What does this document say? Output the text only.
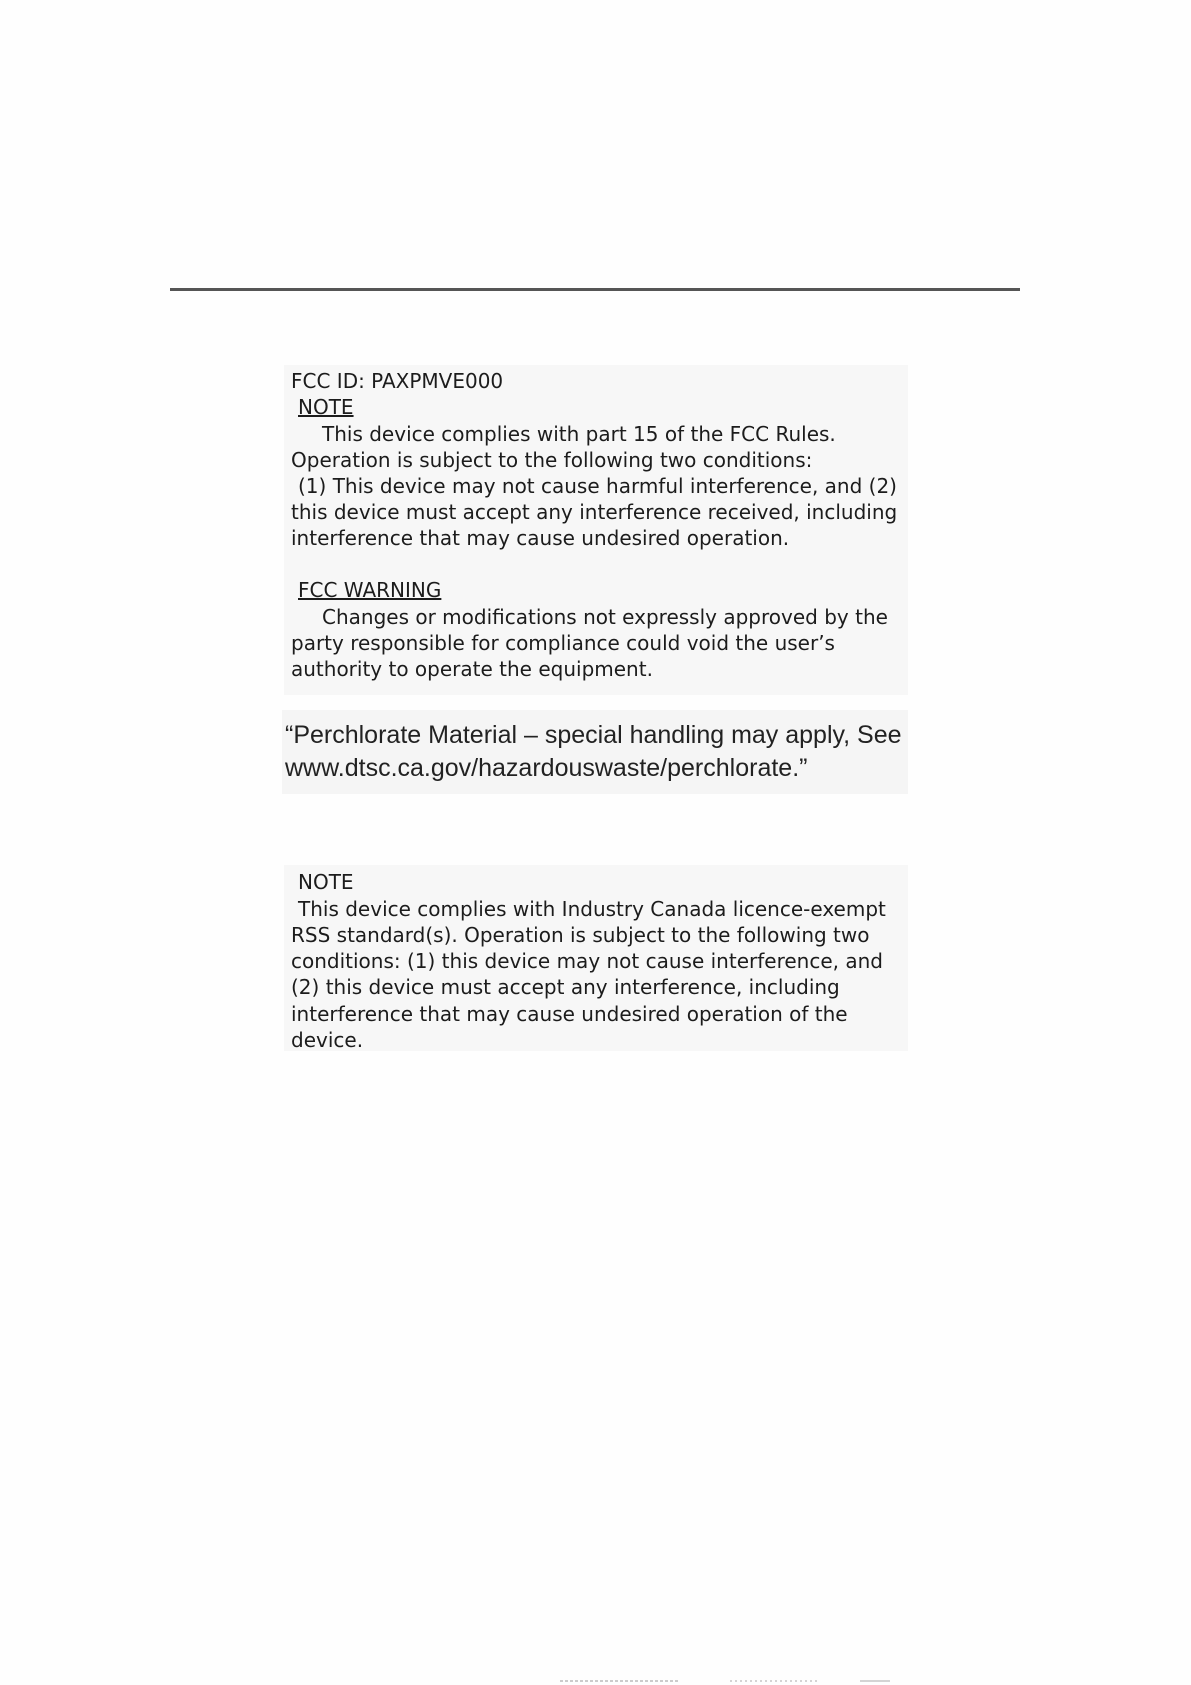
FCC ID: PAXPMVE000
NOTE
This device complies with part 15 of the FCC Rules.
Operation is subject to the following two conditions:
(1) This device may not cause harmful interference, and (2)
this device must accept any interference received, including
interference that may cause undesired operation.
FCC WARNING
Changes or modifications not expressly approved by the
party responsible for compliance could void the user’s
authority to operate the equipment.
“Perchlorate Material – special handling may apply, See
www.dtsc.ca.gov/hazardouswaste/perchlorate.”
NOTE
This device complies with Industry Canada licence-exempt
RSS standard(s). Operation is subject to the following two
conditions: (1) this device may not cause interference, and
(2) this device must accept any interference, including
interference that may cause undesired operation of the
device.
